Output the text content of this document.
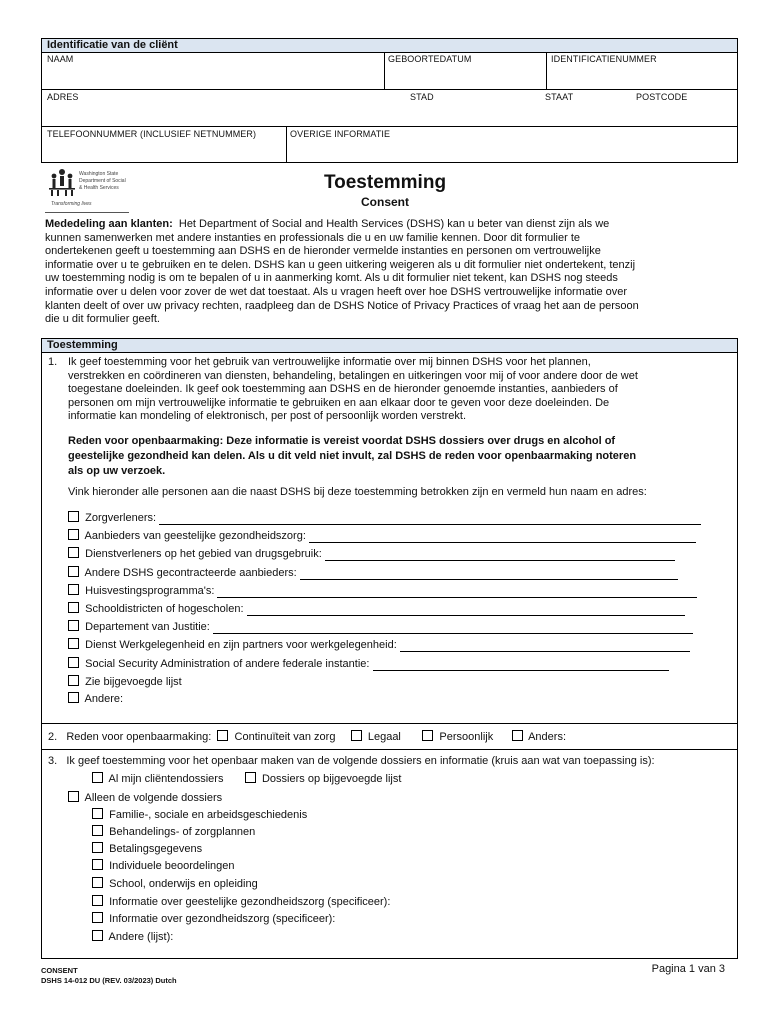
Identificatie van de cliënt
NAAM	GEBOORTEDATUM	IDENTIFICATIENUMMER
ADRES	STAD	STAAT	POSTCODE
TELEFOONNUMMER (INCLUSIEF NETNUMMER)	OVERIGE INFORMATIE
Washington State
Department of Social
& Health Services
Transforming lives
Toestemming
Consent

Mededeling aan klanten: Het Department of Social and Health Services (DSHS) kan u beter van dienst zijn als we

kunnen samenwerken met andere instanties en professionals die u en uw familie kennen. Door dit formulier te

ondertekenen geeft u toestemming aan DSHS en de hieronder vermelde instanties en personen om vertrouwelijke

informatie over u te gebruiken en te delen. DSHS kan u geen uitkering weigeren als u dit formulier niet ondertekent, tenzij

uw toestemming nodig is om te bepalen of u in aanmerking komt. Als u dit formulier niet tekent, kan DSHS nog steeds

informatie over u delen voor zover de wet dat toestaat. Als u vragen heeft over hoe DSHS vertrouwelijke informatie over

klanten deelt of over uw privacy rechten, raadpleeg dan de DSHS Notice of Privacy Practices of vraag het aan de persoon

die u dit formulier geeft.

Toestemming
1. Ik geef toestemming voor het gebruik van vertrouwelijke informatie over mij binnen DSHS voor het plannen,

verstrekken en coördineren van diensten, behandeling, betalingen en uitkeringen voor mij of voor andere door de wet

toegestane doeleinden. Ik geef ook toestemming aan DSHS en de hieronder genoemde instanties, aanbieders of

personen om mijn vertrouwelijke informatie te gebruiken en aan elkaar door te geven voor deze doeleinden. De

informatie kan mondeling of elektronisch, per post of persoonlijk worden verstrekt.

Reden voor openbaarmaking: Deze informatie is vereist voordat DSHS dossiers over drugs en alcohol of

geestelijke gezondheid kan delen. Als u dit veld niet invult, zal DSHS de reden voor openbaarmaking noteren

als op uw verzoek.

Vink hieronder alle personen aan die naast DSHS bij deze toestemming betrokken zijn en vermeld hun naam en adres:
Zorgverleners:
Aanbieders van geestelijke gezondheidszorg:
Dienstverleners op het gebied van drugsgebruik:
Andere DSHS gecontracteerde aanbieders:
Huisvestingsprogramma's:
Schooldistricten of hogescholen:
Departement van Justitie:
Dienst Werkgelegenheid en zijn partners voor werkgelegenheid:
Social Security Administration of andere federale instantie:
Zie bijgevoegde lijst
Andere:
2. Reden voor openbaarmaking: Continuïteit van zorg	Legaal	Persoonlijk	Anders:
3. Ik geef toestemming voor het openbaar maken van de volgende dossiers en informatie (kruis aan wat van toepassing is):
Al mijn cliëntendossiers	Dossiers op bijgevoegde lijst
Alleen de volgende dossiers
Familie-, sociale en arbeidsgeschiedenis
Behandelings- of zorgplannen
Betalingsgegevens
Individuele beoordelingen
School, onderwijs en opleiding
Informatie over geestelijke gezondheidszorg (specificeer):
Informatie over gezondheidszorg (specificeer):
Andere (lijst):
CONSENT
DSHS 14-012 DU (REV. 03/2023) Dutch
Pagina 1 van 3
